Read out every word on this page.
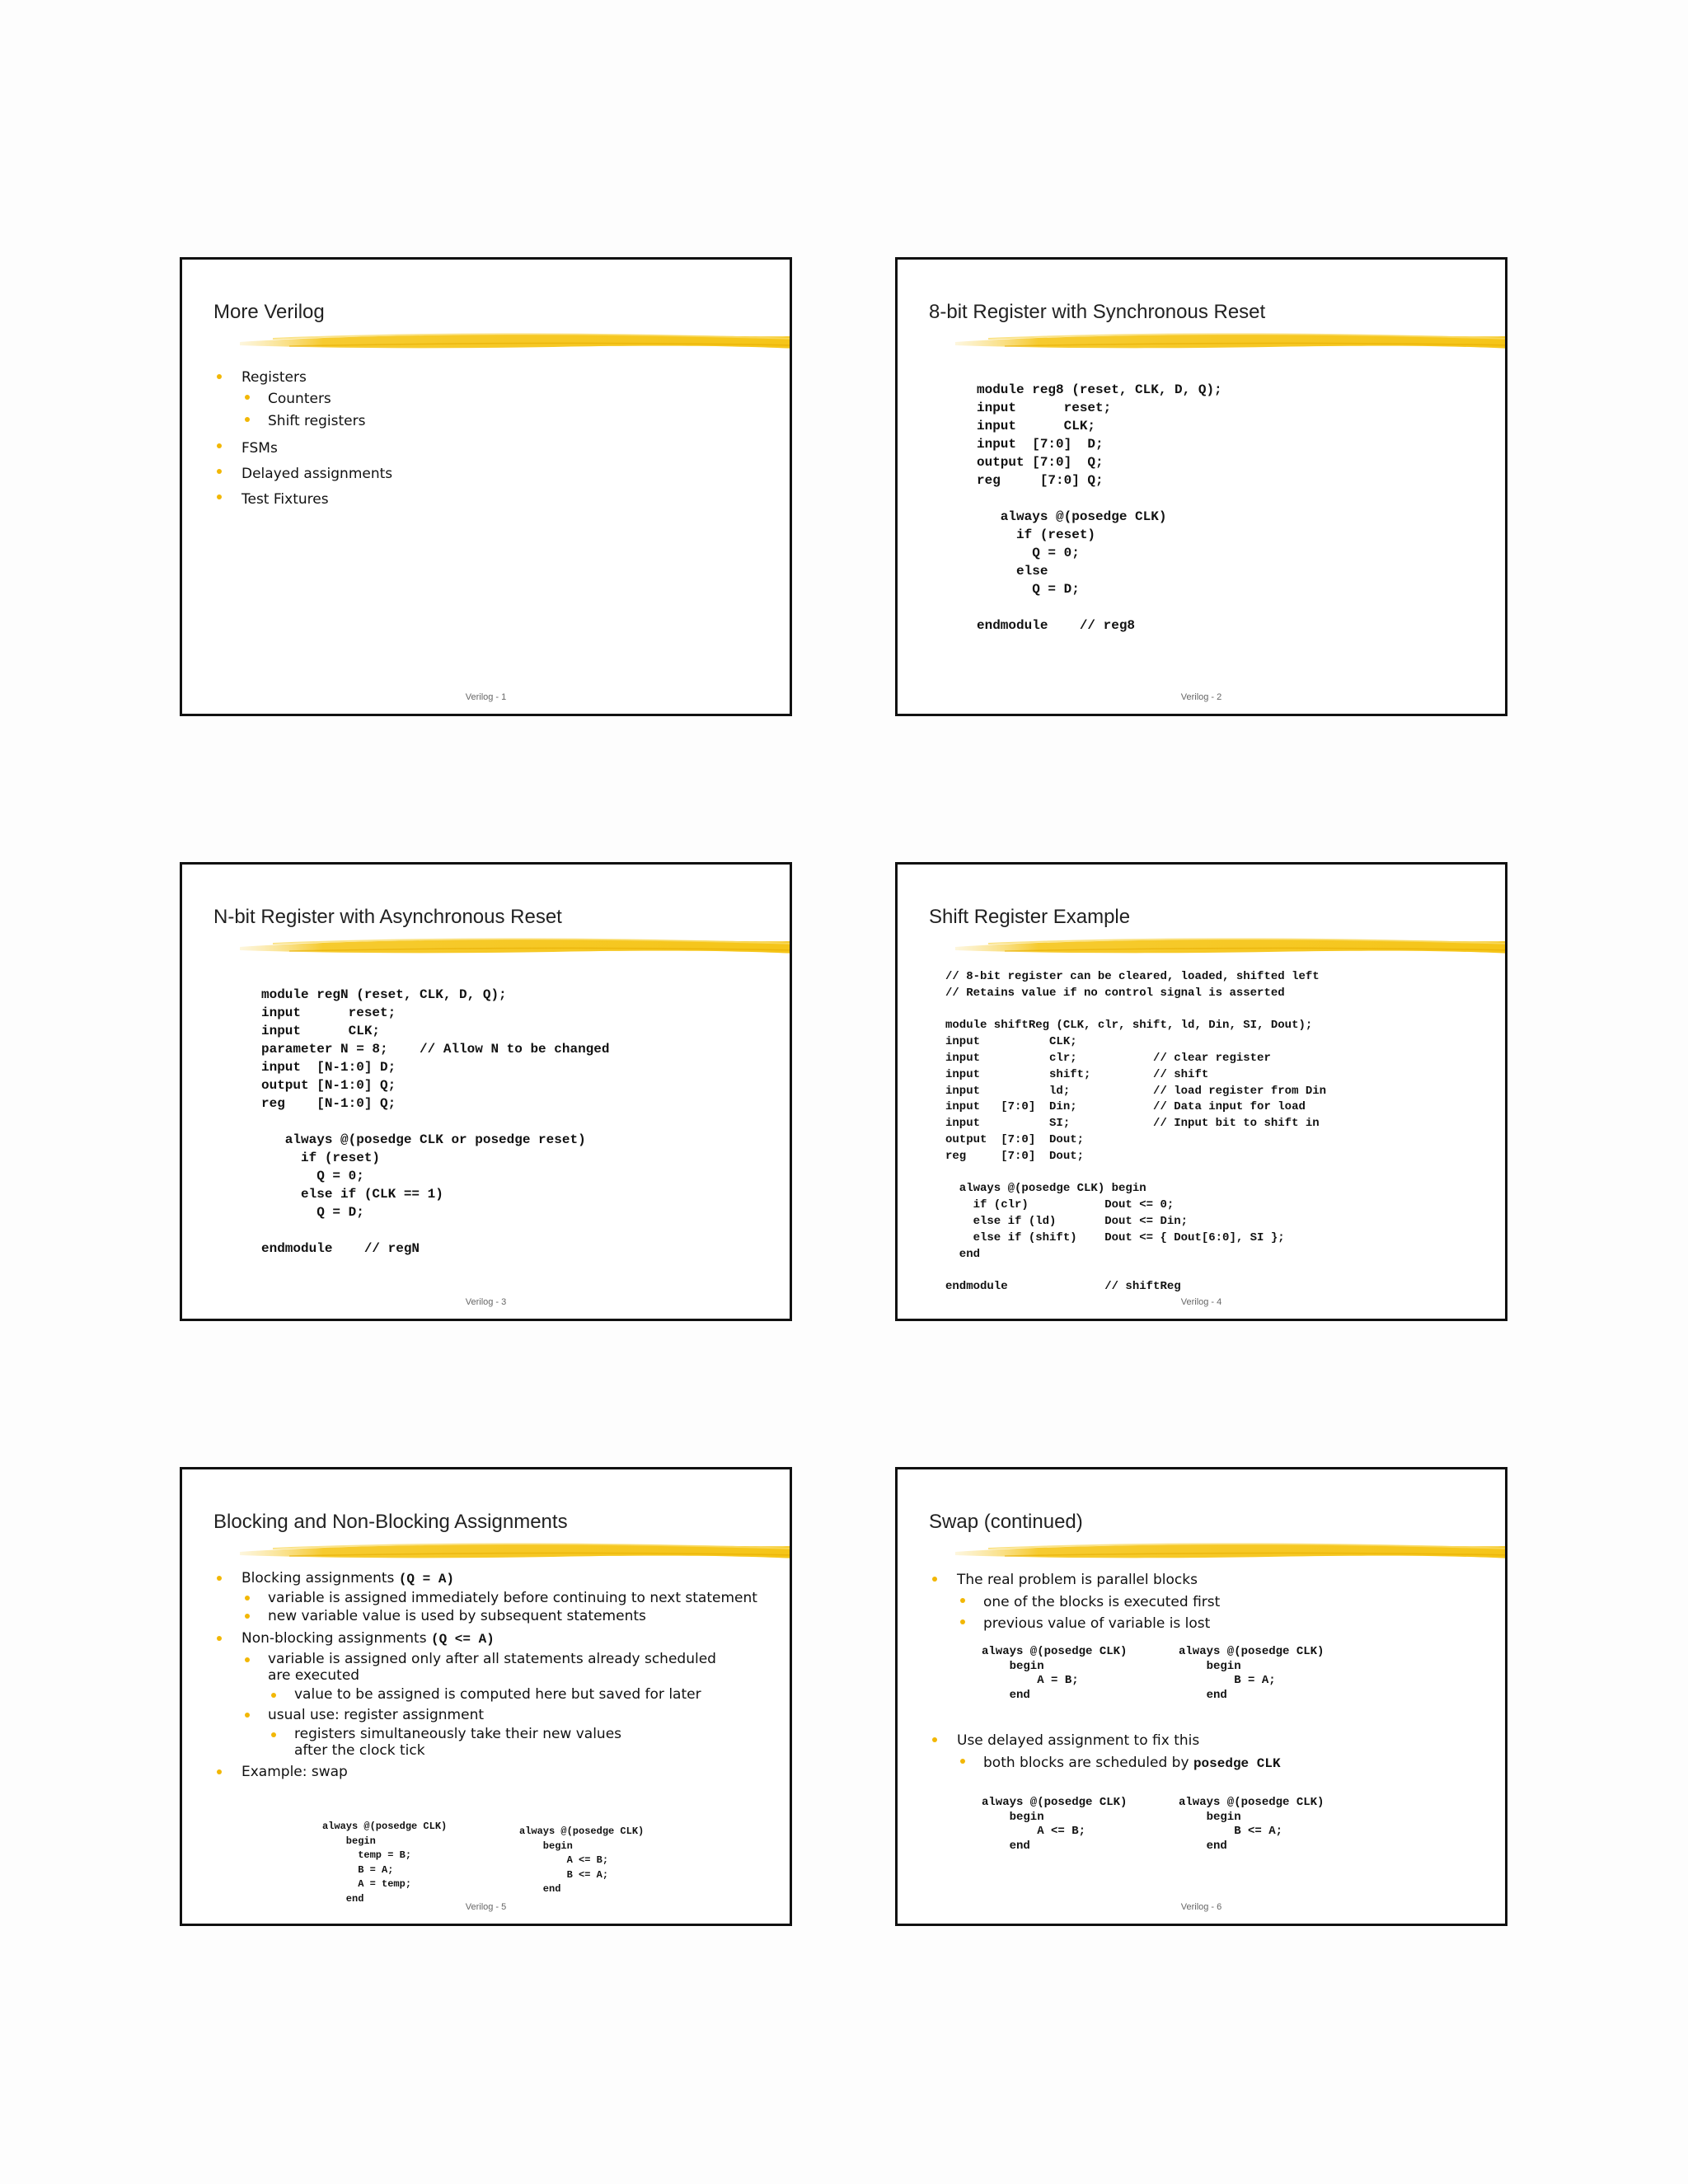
More Verilog
Registers
Counters
Shift registers
FSMs
Delayed assignments
Test Fixtures
Verilog - 1
8-bit Register with Synchronous Reset
module reg8 (reset, CLK, D, Q);
input      reset;
input      CLK;
input  [7:0]  D;
output [7:0]  Q;
reg     [7:0] Q;

always @(posedge CLK)
if (reset)
Q = 0;
else
Q = D;

endmodule    // reg8
Verilog - 2
N-bit Register with Asynchronous Reset
module regN (reset, CLK, D, Q);
input      reset;
input      CLK;
parameter N = 8;    // Allow N to be changed
input  [N-1:0] D;
output [N-1:0] Q;
reg    [N-1:0] Q;

always @(posedge CLK or posedge reset)
if (reset)
Q = 0;
else if (CLK == 1)
Q = D;

endmodule    // regN
Verilog - 3
Shift Register Example
// 8-bit register can be cleared, loaded, shifted left
// Retains value if no control signal is asserted

module shiftReg (CLK, clr, shift, ld, Din, SI, Dout);
input          CLK;
input          clr;           // clear register
input          shift;         // shift
input          ld;            // load register from Din
input   [7:0]  Din;           // Data input for load
input          SI;            // Input bit to shift in
output  [7:0]  Dout;
reg     [7:0]  Dout;

always @(posedge CLK) begin
if (clr)           Dout <= 0;
else if (ld)       Dout <= Din;
else if (shift)    Dout <= { Dout[6:0], SI };
end

endmodule              // shiftReg
Verilog - 4
Blocking and Non-Blocking Assignments
Blocking assignments (Q = A)
variable is assigned immediately before continuing to next statement
new variable value is used by subsequent statements
Non-blocking assignments (Q <= A)
variable is assigned only after all statements already scheduled
are executed
value to be assigned is computed here but saved for later
usual use: register assignment
registers simultaneously take their new values
after the clock tick
Example: swap
always @(posedge CLK)
begin
temp = B;
B = A;
A = temp;
end
always @(posedge CLK)
begin
A <= B;
B <= A;
end
Verilog - 5
Swap (continued)
The real problem is parallel blocks
one of the blocks is executed first
previous value of variable is lost
always @(posedge CLK)
begin
A = B;
end
always @(posedge CLK)
begin
B = A;
end
Use delayed assignment to fix this
both blocks are scheduled by posedge CLK
always @(posedge CLK)
begin
A <= B;
end
always @(posedge CLK)
begin
B <= A;
end
Verilog - 6
